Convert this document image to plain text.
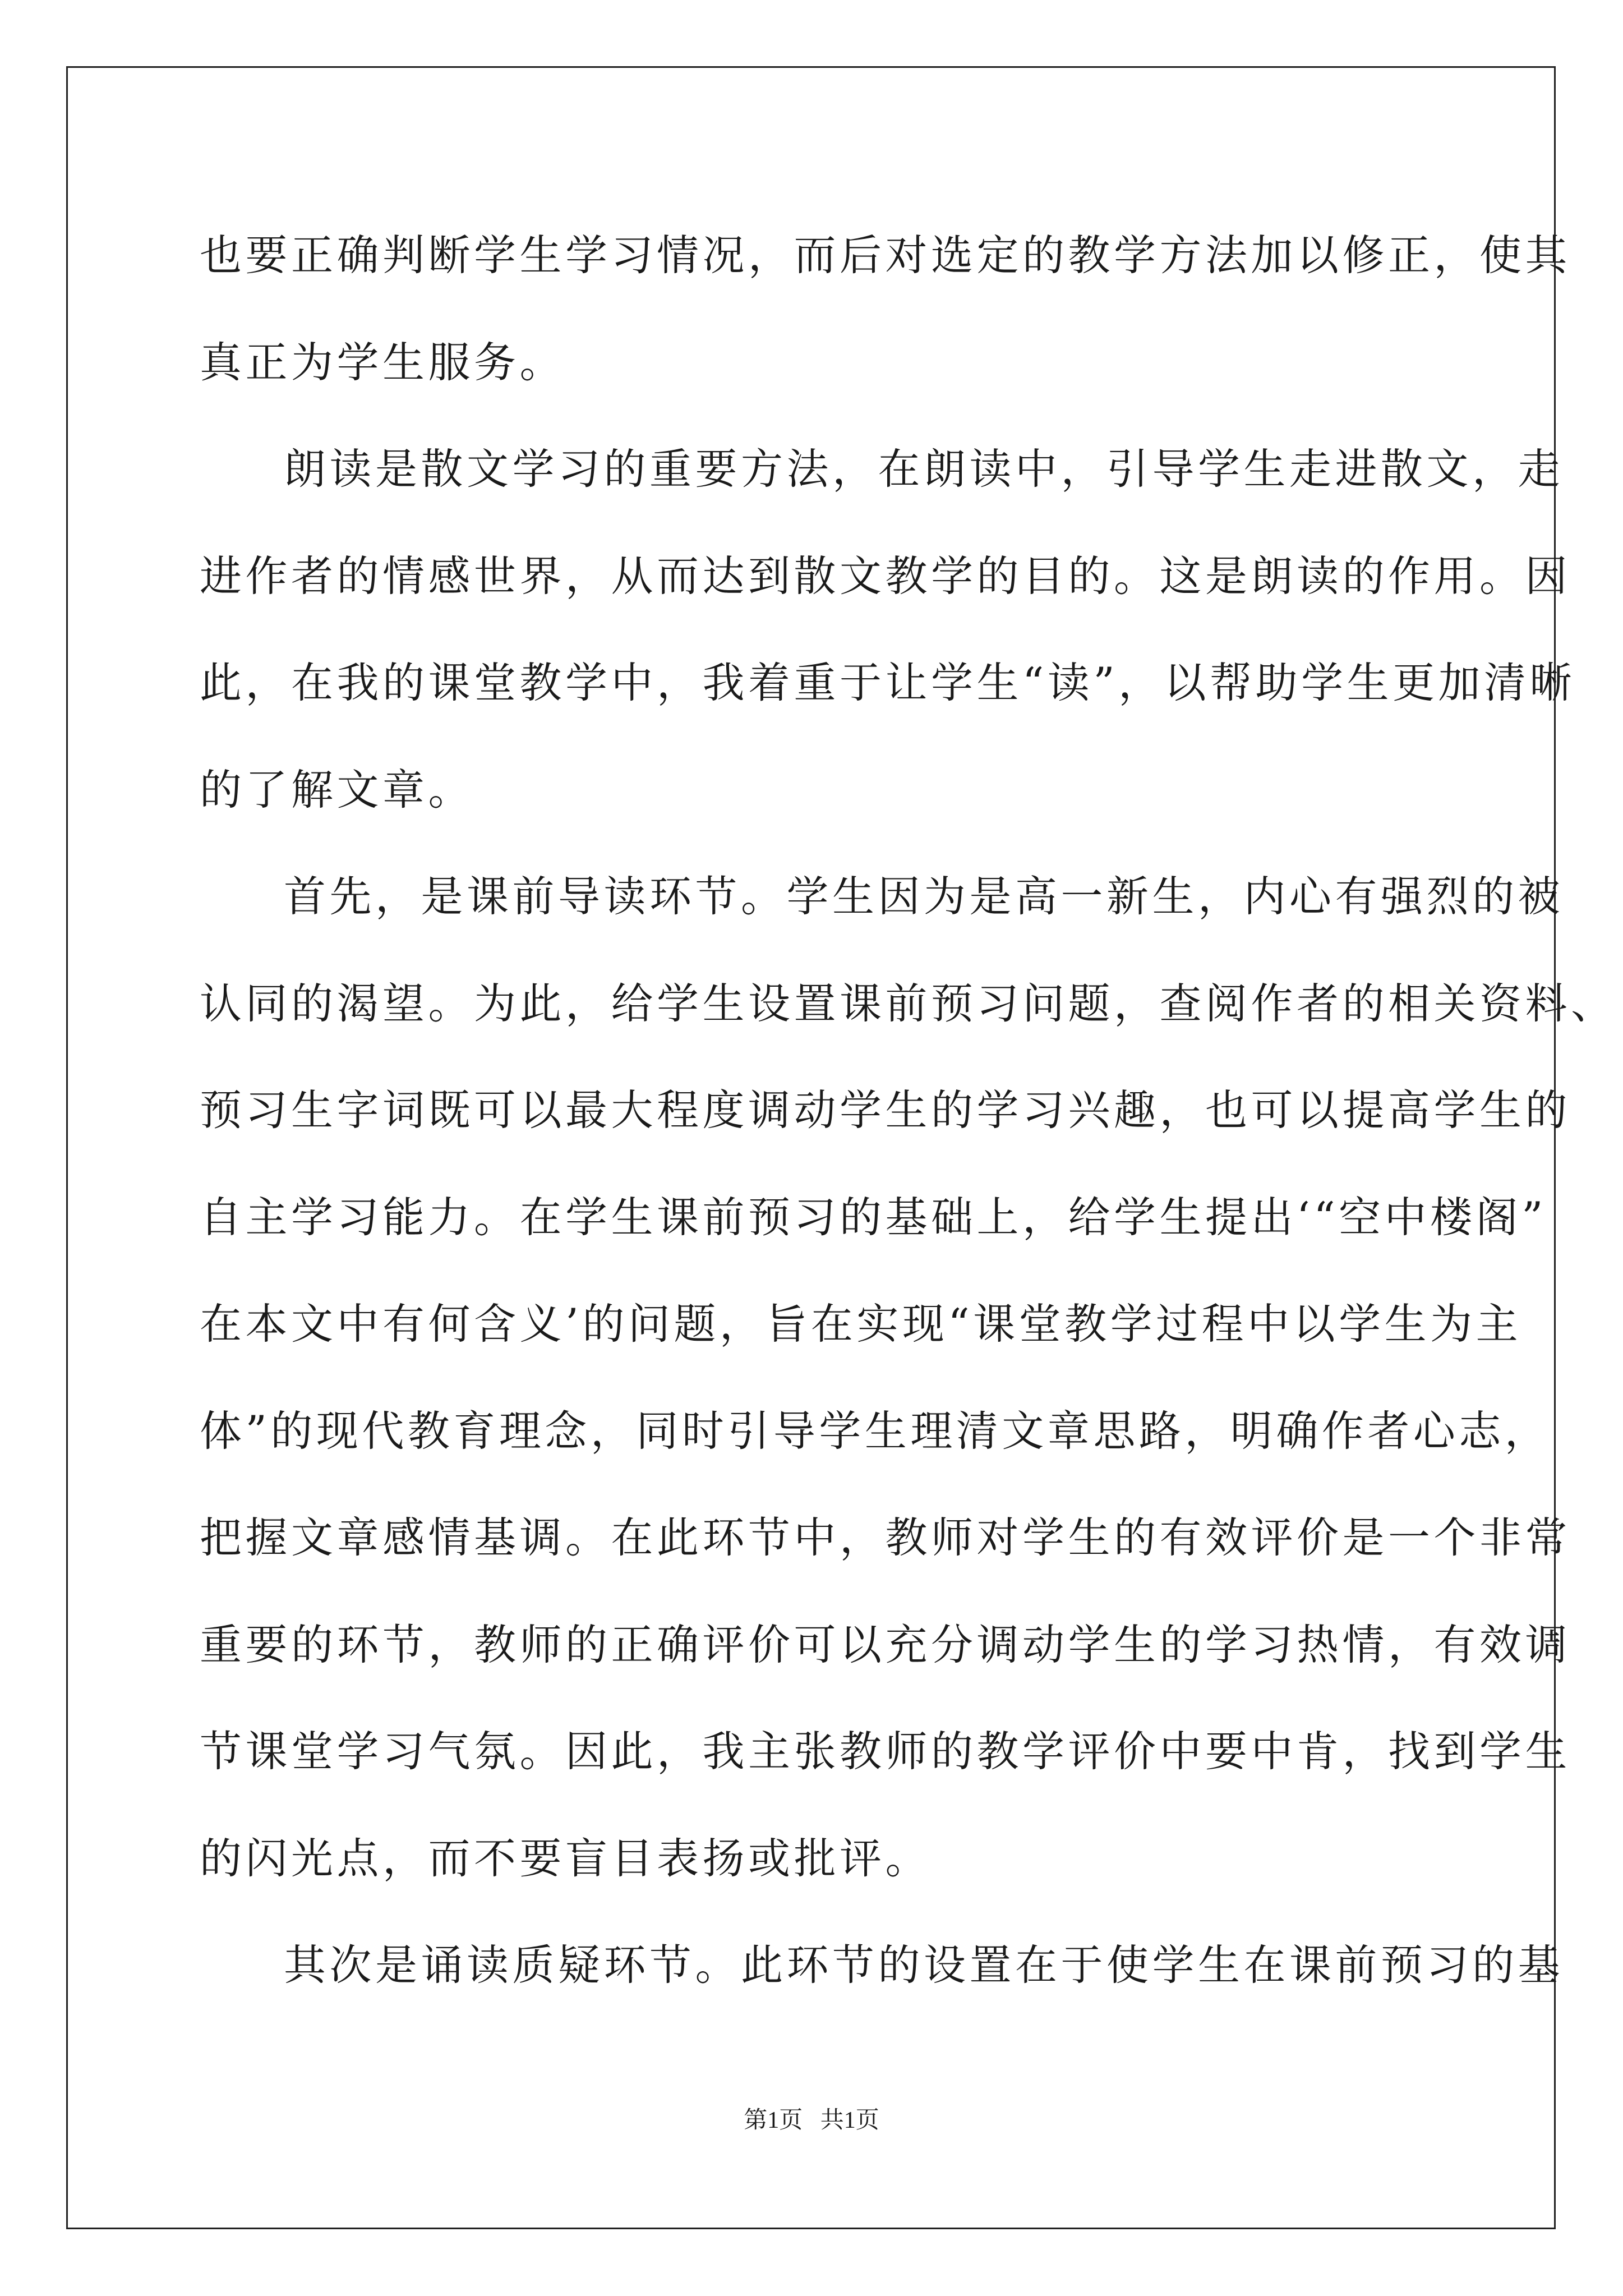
也要正确判断学生学习情况，而后对选定的教学方法加以修正，使其
真正为学生服务。
朗读是散文学习的重要方法，在朗读中，引导学生走进散文，走
进作者的情感世界，从而达到散文教学的目的。这是朗读的作用。因
此，在我的课堂教学中，我着重于让学生“读”，以帮助学生更加清晰
的了解文章。
首先，是课前导读环节。学生因为是高一新生，内心有强烈的被
认同的渴望。为此，给学生设置课前预习问题，查阅作者的相关资料、
预习生字词既可以最大程度调动学生的学习兴趣，也可以提高学生的
自主学习能力。在学生课前预习的基础上，给学生提出‘“空中楼阁”
在本文中有何含义’的问题，旨在实现“课堂教学过程中以学生为主
体”的现代教育理念，同时引导学生理清文章思路，明确作者心志，
把握文章感情基调。在此环节中，教师对学生的有效评价是一个非常
重要的环节，教师的正确评价可以充分调动学生的学习热情，有效调
节课堂学习气氛。因此，我主张教师的教学评价中要中肯，找到学生
的闪光点，而不要盲目表扬或批评。
其次是诵读质疑环节。此环节的设置在于使学生在课前预习的基
第1页   共1页
